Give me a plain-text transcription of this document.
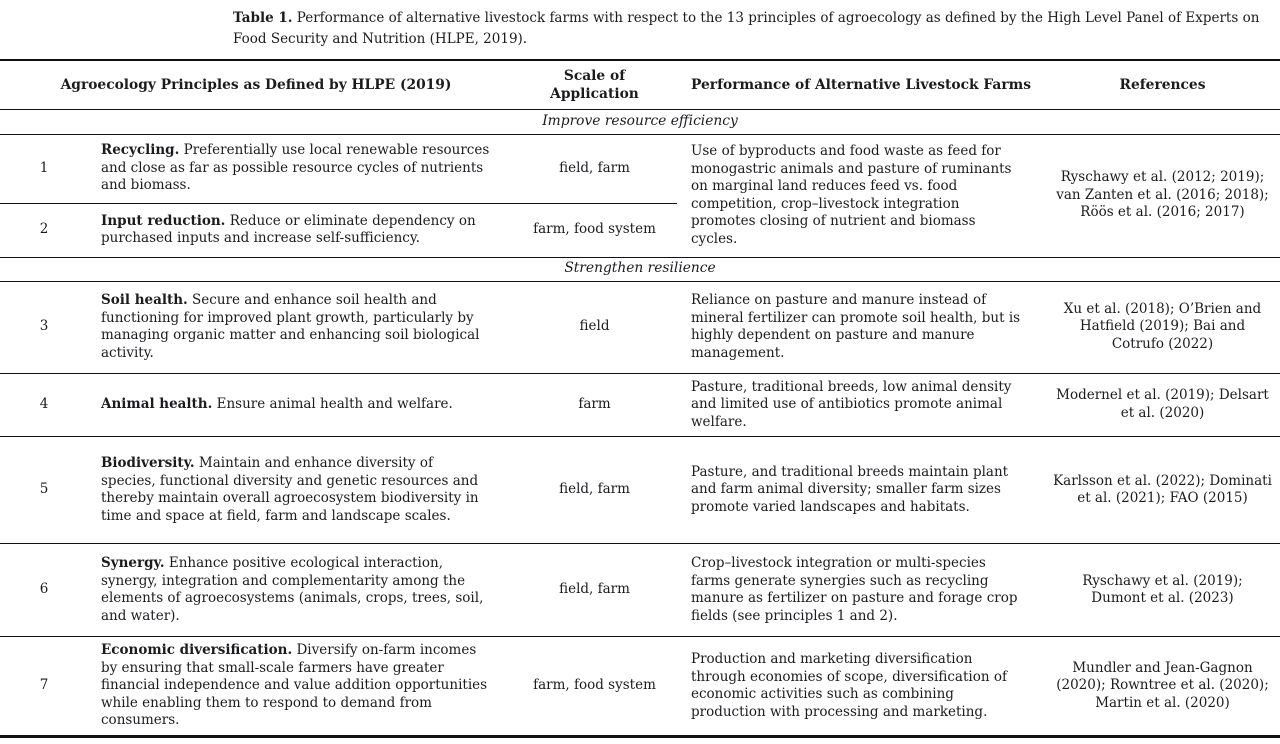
Table 1. Performance of alternative livestock farms with respect to the 13 principles of agroecology as defined by the High Level Panel of Experts on Food Security and Nutrition (HLPE, 2019).
Agroecology Principles as Defined by HLPE (2019)		Scale of Application	Performance of Alternative Livestock Farms	References
Improve resource efficiency				
1	Recycling. Preferentially use local renewable resources and close as far as possible resource cycles of nutrients and biomass.	field, farm	Use of byproducts and food waste as feed for monogastric animals and pasture of ruminants on marginal land reduces feed vs. food competition, crop–livestock integration promotes closing of nutrient and biomass cycles.	Ryschawy et al. (2012; 2019); van Zanten et al. (2016; 2018); Röös et al. (2016; 2017)
2	Input reduction. Reduce or eliminate dependency on purchased inputs and increase self-sufficiency.	farm, food system		
Strengthen resilience				
3	Soil health. Secure and enhance soil health and functioning for improved plant growth, particularly by managing organic matter and enhancing soil biological activity.	field	Reliance on pasture and manure instead of mineral fertilizer can promote soil health, but is highly dependent on pasture and manure management.	Xu et al. (2018); O’Brien and Hatfield (2019); Bai and Cotrufo (2022)
4	Animal health. Ensure animal health and welfare.	farm	Pasture, traditional breeds, low animal density and limited use of antibiotics promote animal welfare.	Modernel et al. (2019); Delsart et al. (2020)
5	Biodiversity. Maintain and enhance diversity of species, functional diversity and genetic resources and thereby maintain overall agroecosystem biodiversity in time and space at field, farm and landscape scales.	field, farm	Pasture, and traditional breeds maintain plant and farm animal diversity; smaller farm sizes promote varied landscapes and habitats.	Karlsson et al. (2022); Dominati et al. (2021); FAO (2015)
6	Synergy. Enhance positive ecological interaction, synergy, integration and complementarity among the elements of agroecosystems (animals, crops, trees, soil, and water).	field, farm	Crop–livestock integration or multi-species farms generate synergies such as recycling manure as fertilizer on pasture and forage crop fields (see principles 1 and 2).	Ryschawy et al. (2019); Dumont et al. (2023)
7	Economic diversification. Diversify on-farm incomes by ensuring that small-scale farmers have greater financial independence and value addition opportunities while enabling them to respond to demand from consumers.	farm, food system	Production and marketing diversification through economies of scope, diversification of economic activities such as combining production with processing and marketing.	Mundler and Jean-Gagnon (2020); Rowntree et al. (2020); Martin et al. (2020)
